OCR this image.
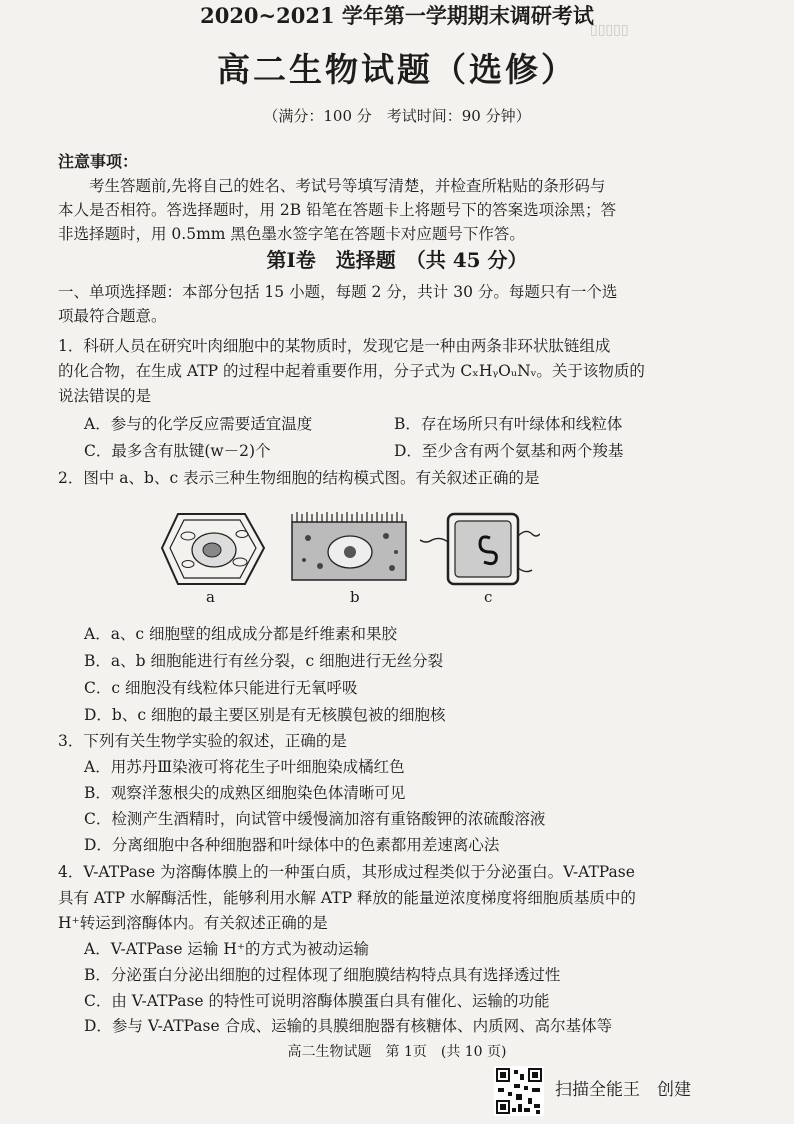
▯▯▯▯▯
2020~2021 学年第一学期期末调研考试
高二生物试题（选修）
（满分：100 分　考试时间：90 分钟）
注意事项：
　　考生答题前,先将自己的姓名、考试号等填写清楚，并检查所粘贴的条形码与
本人是否相符。答选择题时，用 2B 铅笔在答题卡上将题号下的答案选项涂黑；答
非选择题时，用 0.5mm 黑色墨水签字笔在答题卡对应题号下作答。
第Ⅰ卷　选择题　（共 45 分）
一、单项选择题：本部分包括 15 小题，每题 2 分，共计 30 分。每题只有一个选
项最符合题意。
1．科研人员在研究叶肉细胞中的某物质时，发现它是一种由两条非环状肽链组成
的化合物，在生成 ATP 的过程中起着重要作用，分子式为 CₓHᵧOᵤNᵥ。关于该物质的
说法错误的是
A．参与的化学反应需要适宜温度	B．存在场所只有叶绿体和线粒体
C．最多含有肽键(w－2)个	D．至少含有两个氨基和两个羧基
2．图中 a、b、c 表示三种生物细胞的结构模式图。有关叙述正确的是
a	b	c
A．a、c 细胞壁的组成成分都是纤维素和果胶
B．a、b 细胞能进行有丝分裂，c 细胞进行无丝分裂
C．c 细胞没有线粒体只能进行无氧呼吸
D．b、c 细胞的最主要区别是有无核膜包被的细胞核
3．下列有关生物学实验的叙述，正确的是
A．用苏丹Ⅲ染液可将花生子叶细胞染成橘红色
B．观察洋葱根尖的成熟区细胞染色体清晰可见
C．检测产生酒精时，向试管中缓慢滴加溶有重铬酸钾的浓硫酸溶液
D．分离细胞中各种细胞器和叶绿体中的色素都用差速离心法
4．V-ATPase 为溶酶体膜上的一种蛋白质，其形成过程类似于分泌蛋白。V-ATPase
具有 ATP 水解酶活性，能够利用水解 ATP 释放的能量逆浓度梯度将细胞质基质中的
H⁺转运到溶酶体内。有关叙述正确的是
A．V-ATPase 运输 H⁺的方式为被动运输
B．分泌蛋白分泌出细胞的过程体现了细胞膜结构特点具有选择透过性
C．由 V-ATPase 的特性可说明溶酶体膜蛋白具有催化、运输的功能
D．参与 V-ATPase 合成、运输的具膜细胞器有核糖体、内质网、高尔基体等
高二生物试题　第 1页　(共 10 页)
扫描全能王　创建
